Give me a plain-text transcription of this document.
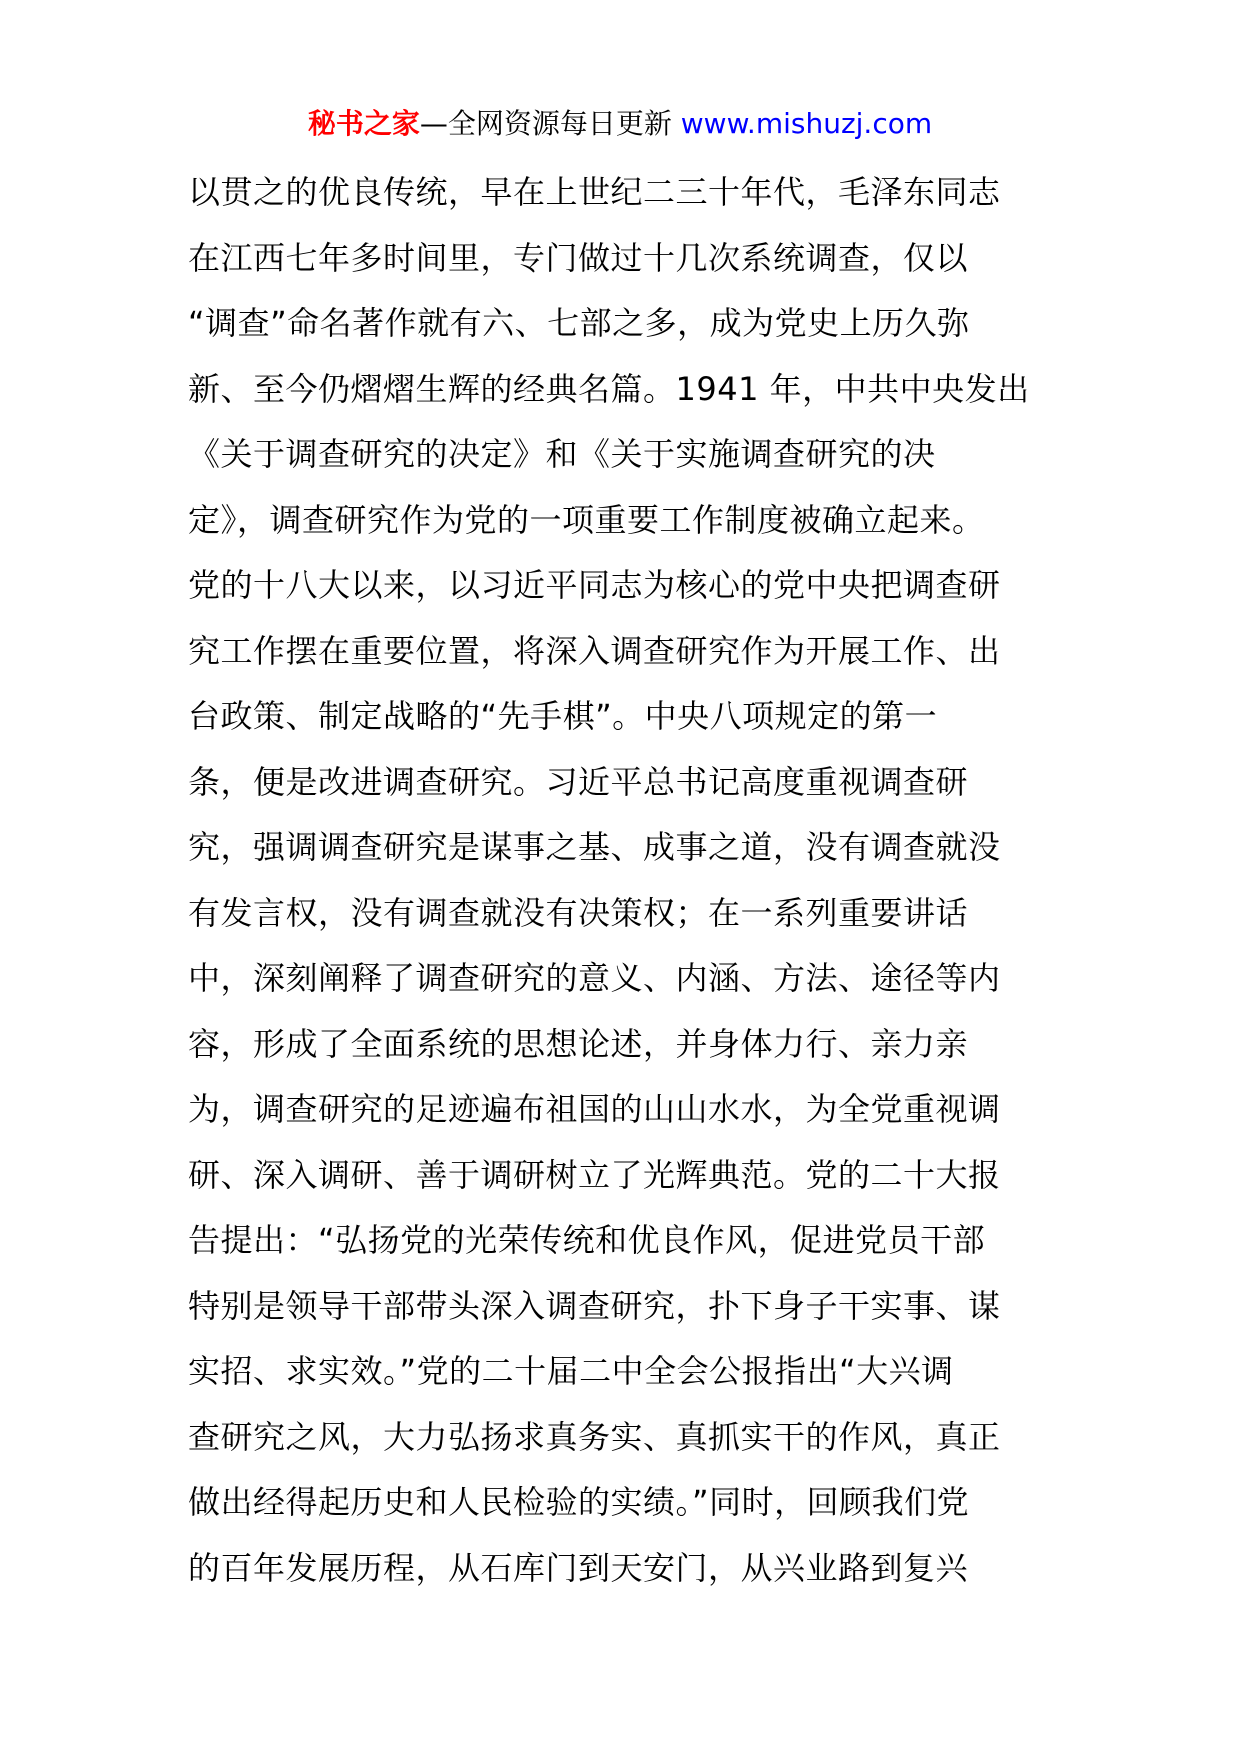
秘书之家—全网资源每日更新 www.mishuzj.com
以贯之的优良传统，早在上世纪二三十年代，毛泽东同志
在江西七年多时间里，专门做过十几次系统调查，仅以
“调查”命名著作就有六、七部之多，成为党史上历久弥
新、至今仍熠熠生辉的经典名篇。1941 年，中共中央发出
《关于调查研究的决定》和《关于实施调查研究的决
定》，调查研究作为党的一项重要工作制度被确立起来。
党的十八大以来，以习近平同志为核心的党中央把调查研
究工作摆在重要位置，将深入调查研究作为开展工作、出
台政策、制定战略的“先手棋”。中央八项规定的第一
条，便是改进调查研究。习近平总书记高度重视调查研
究，强调调查研究是谋事之基、成事之道，没有调查就没
有发言权，没有调查就没有决策权；在一系列重要讲话
中，深刻阐释了调查研究的意义、内涵、方法、途径等内
容，形成了全面系统的思想论述，并身体力行、亲力亲
为，调查研究的足迹遍布祖国的山山水水，为全党重视调
研、深入调研、善于调研树立了光辉典范。党的二十大报
告提出：“弘扬党的光荣传统和优良作风，促进党员干部
特别是领导干部带头深入调查研究，扑下身子干实事、谋
实招、求实效。”党的二十届二中全会公报指出“大兴调
查研究之风，大力弘扬求真务实、真抓实干的作风，真正
做出经得起历史和人民检验的实绩。”同时，回顾我们党
的百年发展历程，从石库门到天安门，从兴业路到复兴
